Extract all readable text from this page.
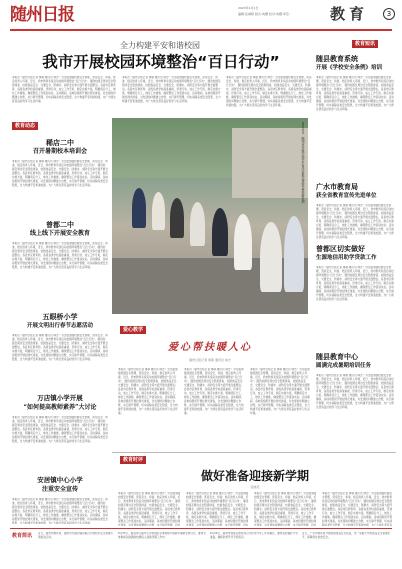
随州日报	2023年1月1日
编辑:张城婷 版式:向娜 校对:向娜 审签:	教育	3
全力构建平安和谐校园
我市开展校园环境整治“百日行动”
本报讯（随州日报记者 周敏 通讯员 林志）为全面加强校园安全管理，营造安全、和谐、稳定的育人环境，近日，我市教育系统启动校园环境整治“百日行动”，围绕校园及周边安全隐患排查、校园食品安全、交通安全、防溺水、消防安全等方面开展全面整治。各县市区教育局、各级各类学校高度重视，迅速行动，成立工作专班，制定实施方案，明确责任分工，细化工作措施，确保整治工作落到实处。活动期间，各地将组织开展拉网式排查，对发现的问题建立台账，实行销号管理，切实消除各类安全隐患，全力构建平安和谐校园，为广大师生营造良好的学习生活环境。
本报讯（随州日报记者 周敏 通讯员 林志）为全面加强校园安全管理，营造安全、和谐、稳定的育人环境，近日，我市教育系统启动校园环境整治“百日行动”，围绕校园及周边安全隐患排查、校园食品安全、交通安全、防溺水、消防安全等方面开展全面整治。各县市区教育局、各级各类学校高度重视，迅速行动，成立工作专班，制定实施方案，明确责任分工，细化工作措施，确保整治工作落到实处。活动期间，各地将组织开展拉网式排查，对发现的问题建立台账，实行销号管理，切实消除各类安全隐患，全力构建平安和谐校园，为广大师生营造良好的学习生活环境。
本报讯（随州日报记者 周敏 通讯员 林志）为全面加强校园安全管理，营造安全、和谐、稳定的育人环境，近日，我市教育系统启动校园环境整治“百日行动”，围绕校园及周边安全隐患排查、校园食品安全、交通安全、防溺水、消防安全等方面开展全面整治。各县市区教育局、各级各类学校高度重视，迅速行动，成立工作专班，制定实施方案，明确责任分工，细化工作措施，确保整治工作落到实处。活动期间，各地将组织开展拉网式排查，对发现的问题建立台账，实行销号管理，切实消除各类安全隐患，全力构建平安和谐校园，为广大师生营造良好的学习生活环境。
教育动态
稀店二中
召开暑期校本培训会
本报讯（随州日报记者 周敏 通讯员 林志）为全面加强校园安全管理，营造安全、和谐、稳定的育人环境，近日，我市教育系统启动校园环境整治“百日行动”，围绕校园及周边安全隐患排查、校园食品安全、交通安全、防溺水、消防安全等方面开展全面整治。各县市区教育局、各级各类学校高度重视，迅速行动，成立工作专班，制定实施方案，明确责任分工，细化工作措施，确保整治工作落到实处。活动期间，各地将组织开展拉网式排查，对发现的问题建立台账，实行销号管理，切实消除各类安全隐患，全力构建平安和谐校园，为广大师生营造良好的学习生活环境。
曾都二中
线上线下开展安全教育
本报讯（随州日报记者 周敏 通讯员 林志）为全面加强校园安全管理，营造安全、和谐、稳定的育人环境，近日，我市教育系统启动校园环境整治“百日行动”，围绕校园及周边安全隐患排查、校园食品安全、交通安全、防溺水、消防安全等方面开展全面整治。各县市区教育局、各级各类学校高度重视，迅速行动，成立工作专班，制定实施方案，明确责任分工，细化工作措施，确保整治工作落到实处。活动期间，各地将组织开展拉网式排查，对发现的问题建立台账，实行销号管理，切实消除各类安全隐患，全力构建平安和谐校园，为广大师生营造良好的学习生活环境。
五眼桥小学
开展文明出行春节志愿活动
本报讯（随州日报记者 周敏 通讯员 林志）为全面加强校园安全管理，营造安全、和谐、稳定的育人环境，近日，我市教育系统启动校园环境整治“百日行动”，围绕校园及周边安全隐患排查、校园食品安全、交通安全、防溺水、消防安全等方面开展全面整治。各县市区教育局、各级各类学校高度重视，迅速行动，成立工作专班，制定实施方案，明确责任分工，细化工作措施，确保整治工作落到实处。活动期间，各地将组织开展拉网式排查，对发现的问题建立台账，实行销号管理，切实消除各类安全隐患，全力构建平安和谐校园，为广大师生营造良好的学习生活环境。
万店镇小学开展
“如何提高教师素养”大讨论
本报讯（随州日报记者 周敏 通讯员 林志）为全面加强校园安全管理，营造安全、和谐、稳定的育人环境，近日，我市教育系统启动校园环境整治“百日行动”，围绕校园及周边安全隐患排查、校园食品安全、交通安全、防溺水、消防安全等方面开展全面整治。各县市区教育局、各级各类学校高度重视，迅速行动，成立工作专班，制定实施方案，明确责任分工，细化工作措施，确保整治工作落到实处。活动期间，各地将组织开展拉网式排查，对发现的问题建立台账，实行销号管理，切实消除各类安全隐患，全力构建平安和谐校园，为广大师生营造良好的学习生活环境。
安居镇中心小学
注重安全宣传
本报讯（随州日报记者 周敏 通讯员 林志）为全面加强校园安全管理，营造安全、和谐、稳定的育人环境，近日，我市教育系统启动校园环境整治“百日行动”，围绕校园及周边安全隐患排查、校园食品安全、交通安全、防溺水、消防安全等方面开展全面整治。各县市区教育局、各级各类学校高度重视，迅速行动，成立工作专班，制定实施方案，明确责任分工，细化工作措施，确保整治工作落到实处。活动期间，各地将组织开展拉网式排查，对发现的问题建立台账，实行销号管理，切实消除各类安全隐患，全力构建平安和谐校园，为广大师生营造良好的学习生活环境。
8月24日，随州市实验学校学生有序在教学楼前开展核酸检测
爱心教学
爱心帮扶暖人心
随州日报记者 周敏 通讯员 林志
本报讯（随州日报记者 周敏 通讯员 林志）为全面加强校园安全管理，营造安全、和谐、稳定的育人环境，近日，我市教育系统启动校园环境整治“百日行动”，围绕校园及周边安全隐患排查、校园食品安全、交通安全、防溺水、消防安全等方面开展全面整治。各县市区教育局、各级各类学校高度重视，迅速行动，成立工作专班，制定实施方案，明确责任分工，细化工作措施，确保整治工作落到实处。活动期间，各地将组织开展拉网式排查，对发现的问题建立台账，实行销号管理，切实消除各类安全隐患，全力构建平安和谐校园，为广大师生营造良好的学习生活环境。
本报讯（随州日报记者 周敏 通讯员 林志）为全面加强校园安全管理，营造安全、和谐、稳定的育人环境，近日，我市教育系统启动校园环境整治“百日行动”，围绕校园及周边安全隐患排查、校园食品安全、交通安全、防溺水、消防安全等方面开展全面整治。各县市区教育局、各级各类学校高度重视，迅速行动，成立工作专班，制定实施方案，明确责任分工，细化工作措施，确保整治工作落到实处。活动期间，各地将组织开展拉网式排查，对发现的问题建立台账，实行销号管理，切实消除各类安全隐患，全力构建平安和谐校园，为广大师生营造良好的学习生活环境。
本报讯（随州日报记者 周敏 通讯员 林志）为全面加强校园安全管理，营造安全、和谐、稳定的育人环境，近日，我市教育系统启动校园环境整治“百日行动”，围绕校园及周边安全隐患排查、校园食品安全、交通安全、防溺水、消防安全等方面开展全面整治。各县市区教育局、各级各类学校高度重视，迅速行动，成立工作专班，制定实施方案，明确责任分工，细化工作措施，确保整治工作落到实处。活动期间，各地将组织开展拉网式排查，对发现的问题建立台账，实行销号管理，切实消除各类安全隐患，全力构建平安和谐校园，为广大师生营造良好的学习生活环境。
教育短讯
随县教育系统
开展《学校安全条例》培训
本报讯（随州日报记者 周敏 通讯员 林志）为全面加强校园安全管理，营造安全、和谐、稳定的育人环境，近日，我市教育系统启动校园环境整治“百日行动”，围绕校园及周边安全隐患排查、校园食品安全、交通安全、防溺水、消防安全等方面开展全面整治。各县市区教育局、各级各类学校高度重视，迅速行动，成立工作专班，制定实施方案，明确责任分工，细化工作措施，确保整治工作落到实处。活动期间，各地将组织开展拉网式排查，对发现的问题建立台账，实行销号管理，切实消除各类安全隐患，全力构建平安和谐校园，为广大师生营造良好的学习生活环境。
广水市教育局
获全省教育宣传先进单位
本报讯（随州日报记者 周敏 通讯员 林志）为全面加强校园安全管理，营造安全、和谐、稳定的育人环境，近日，我市教育系统启动校园环境整治“百日行动”，围绕校园及周边安全隐患排查、校园食品安全、交通安全、防溺水、消防安全等方面开展全面整治。各县市区教育局、各级各类学校高度重视，迅速行动，成立工作专班，制定实施方案，明确责任分工，细化工作措施，确保整治工作落到实处。活动期间，各地将组织开展拉网式排查，对发现的问题建立台账，实行销号管理，切实消除各类安全隐患，全力构建平安和谐校园，为广大师生营造良好的学习生活环境。
曾都区切实做好
生源地信用助学贷款工作
本报讯（随州日报记者 周敏 通讯员 林志）为全面加强校园安全管理，营造安全、和谐、稳定的育人环境，近日，我市教育系统启动校园环境整治“百日行动”，围绕校园及周边安全隐患排查、校园食品安全、交通安全、防溺水、消防安全等方面开展全面整治。各县市区教育局、各级各类学校高度重视，迅速行动，成立工作专班，制定实施方案，明确责任分工，细化工作措施，确保整治工作落到实处。活动期间，各地将组织开展拉网式排查，对发现的问题建立台账，实行销号管理，切实消除各类安全隐患，全力构建平安和谐校园，为广大师生营造良好的学习生活环境。
随县教育中心
圆满完成暑期培训任务
本报讯（随州日报记者 周敏 通讯员 林志）为全面加强校园安全管理，营造安全、和谐、稳定的育人环境，近日，我市教育系统启动校园环境整治“百日行动”，围绕校园及周边安全隐患排查、校园食品安全、交通安全、防溺水、消防安全等方面开展全面整治。各县市区教育局、各级各类学校高度重视，迅速行动，成立工作专班，制定实施方案，明确责任分工，细化工作措施，确保整治工作落到实处。活动期间，各地将组织开展拉网式排查，对发现的问题建立台账，实行销号管理，切实消除各类安全隐患，全力构建平安和谐校园，为广大师生营造良好的学习生活环境。
教育时评
做好准备迎接新学期
张晓灵
本报讯（随州日报记者 周敏 通讯员 林志）为全面加强校园安全管理，营造安全、和谐、稳定的育人环境，近日，我市教育系统启动校园环境整治“百日行动”，围绕校园及周边安全隐患排查、校园食品安全、交通安全、防溺水、消防安全等方面开展全面整治。各县市区教育局、各级各类学校高度重视，迅速行动，成立工作专班，制定实施方案，明确责任分工，细化工作措施，确保整治工作落到实处。活动期间，各地将组织开展拉网式排查，对发现的问题建立台账，实行销号管理，切实
本报讯（随州日报记者 周敏 通讯员 林志）为全面加强校园安全管理，营造安全、和谐、稳定的育人环境，近日，我市教育系统启动校园环境整治“百日行动”，围绕校园及周边安全隐患排查、校园食品安全、交通安全、防溺水、消防安全等方面开展全面整治。各县市区教育局、各级各类学校高度重视，迅速行动，成立工作专班，制定实施方案，明确责任分工，细化工作措施，确保整治工作落到实处。活动期间，各地将组织开展拉网式排查，对发现的问题建立台账，实行销号管理，切实
本报讯（随州日报记者 周敏 通讯员 林志）为全面加强校园安全管理，营造安全、和谐、稳定的育人环境，近日，我市教育系统启动校园环境整治“百日行动”，围绕校园及周边安全隐患排查、校园食品安全、交通安全、防溺水、消防安全等方面开展全面整治。各县市区教育局、各级各类学校高度重视，迅速行动，成立工作专班，制定实施方案，明确责任分工，细化工作措施，确保整治工作落到实处。活动期间，各地将组织开展拉网式排查，对发现的问题建立台账，实行销号管理，切实
本报讯（随州日报记者 周敏 通讯员 林志）为全面加强校园安全管理，营造安全、和谐、稳定的育人环境，近日，我市教育系统启动校园环境整治“百日行动”，围绕校园及周边安全隐患排查、校园食品安全、交通安全、防溺水、消防安全等方面开展全面整治。各县市区教育局、各级各类学校高度重视，迅速行动，成立工作专班，制定实施方案，明确责任分工，细化工作措施，确保整治工作落到实处。活动期间，各地将组织开展拉网式排查，对发现的问题建立台账，实行销号管理，切实消除各类安全隐患，全力构建平安和谐校园，为广大师生营造良
教育简讯 近日，随州市教育局、随州市交通运输局联合开展校车安全管理专项检查行动。
8月25日，随县厉山镇中心学校组织全体教师开展新学期教学研讨会，要求全体教师以饱满的热情投入到新学期工作中。
8月26日，随州市曾都区教育局召开秋季开学工作部署会，要求各校做好开学准备，确保秋季开学平稳有序。
近日，广水市教育局开展校园食品安全检查，进一步提升学校食品安全管理水平，保障师生饮食安全。
